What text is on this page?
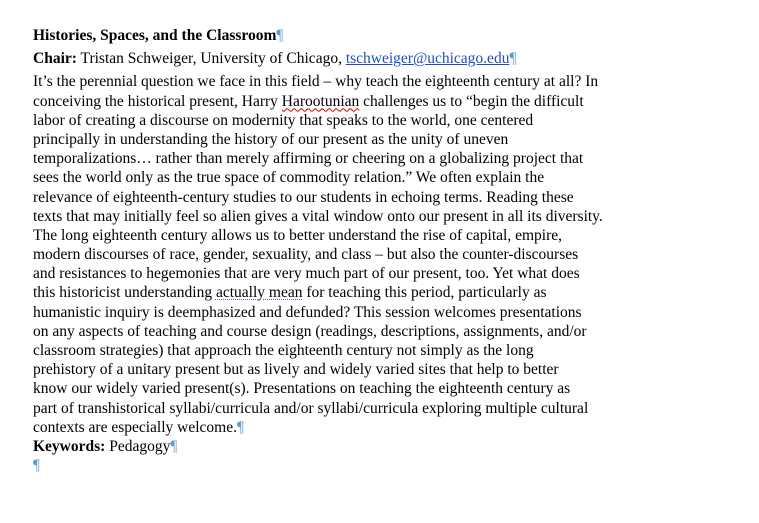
Histories, Spaces, and the Classroom¶
Chair: Tristan Schweiger, University of Chicago, tschweiger@uchicago.edu¶
It’s the perennial question we face in this field – why teach the eighteenth century at all? In
conceiving the historical present, Harry Harootunian challenges us to “begin the difficult
labor of creating a discourse on modernity that speaks to the world, one centered
principally in understanding the history of our present as the unity of uneven
temporalizations… rather than merely affirming or cheering on a globalizing project that
sees the world only as the true space of commodity relation.” We often explain the
relevance of eighteenth-century studies to our students in echoing terms. Reading these
texts that may initially feel so alien gives a vital window onto our present in all its diversity.
The long eighteenth century allows us to better understand the rise of capital, empire,
modern discourses of race, gender, sexuality, and class – but also the counter-discourses
and resistances to hegemonies that are very much part of our present, too. Yet what does
this historicist understanding actually mean for teaching this period, particularly as
humanistic inquiry is deemphasized and defunded? This session welcomes presentations
on any aspects of teaching and course design (readings, descriptions, assignments, and/or
classroom strategies) that approach the eighteenth century not simply as the long
prehistory of a unitary present but as lively and widely varied sites that help to better
know our widely varied present(s). Presentations on teaching the eighteenth century as
part of transhistorical syllabi/curricula and/or syllabi/curricula exploring multiple cultural
contexts are especially welcome.¶
Keywords: Pedagogy¶
¶
